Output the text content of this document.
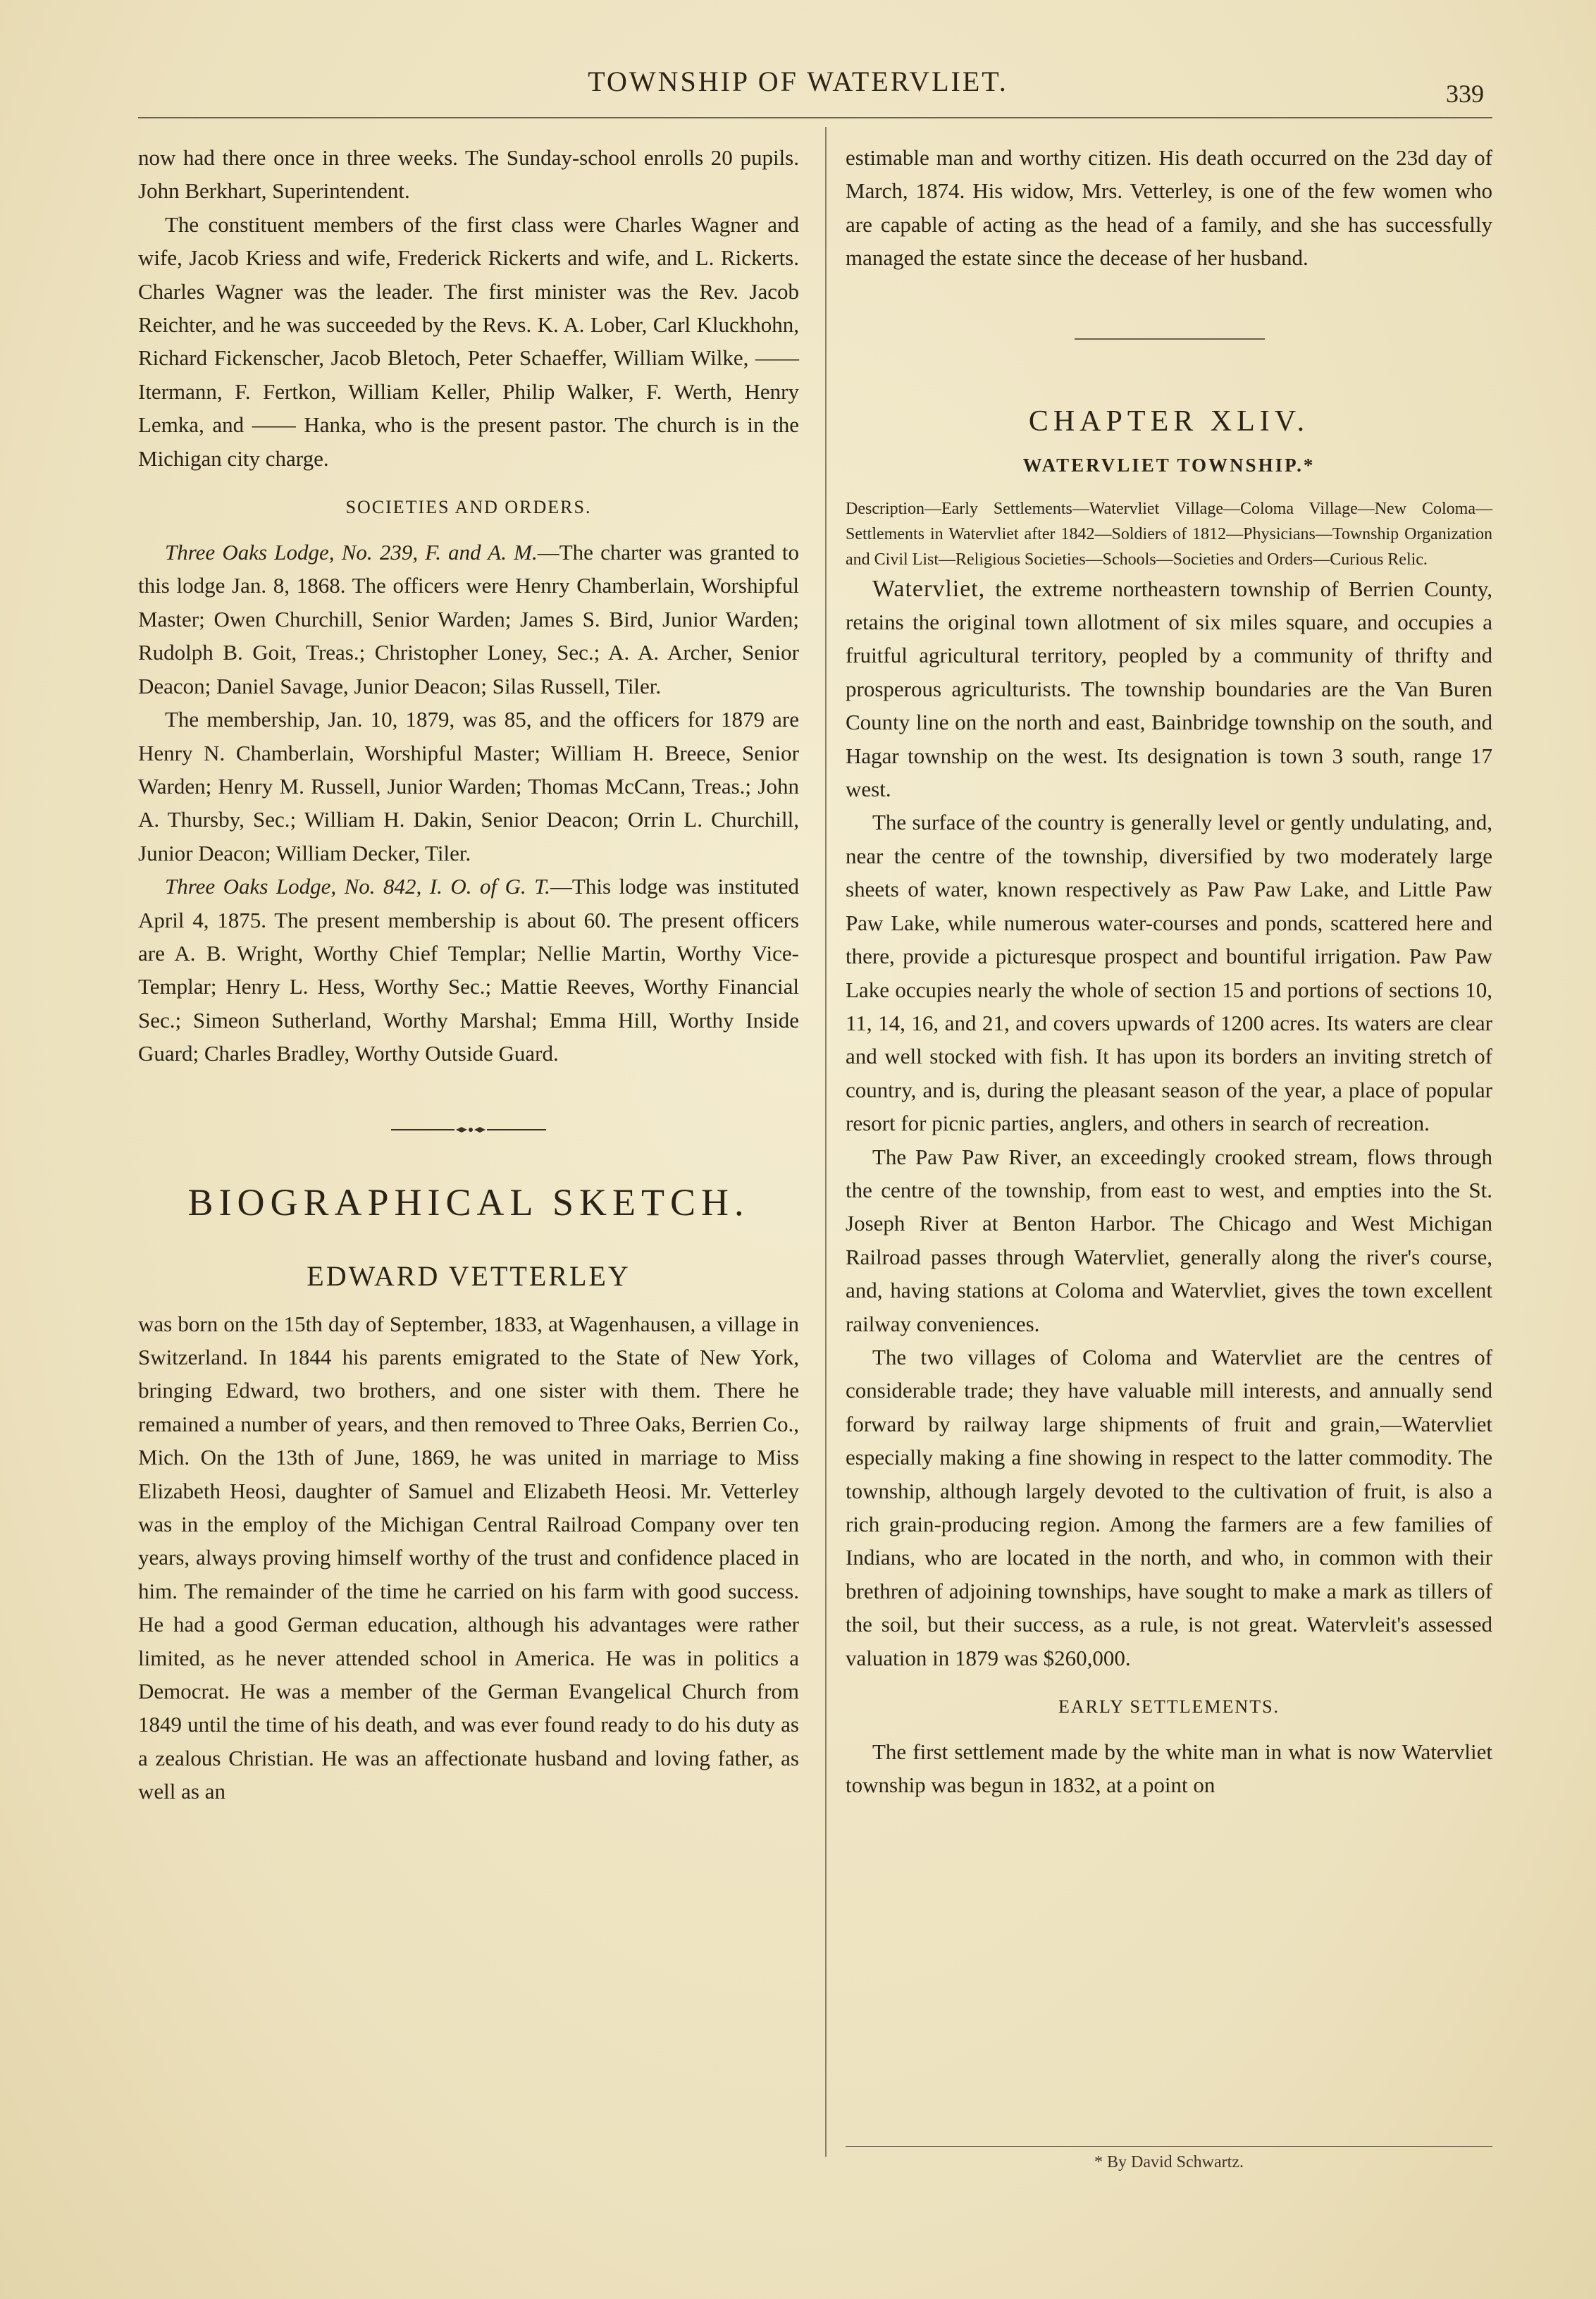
TOWNSHIP OF WATERVLIET.	339

now had there once in three weeks. The Sunday-school enrolls 20 pupils. John Berkhart, Superintendent.

The constituent members of the first class were Charles Wagner and wife, Jacob Kriess and wife, Frederick Rickerts and wife, and L. Rickerts. Charles Wagner was the leader. The first minister was the Rev. Jacob Reichter, and he was succeeded by the Revs. K. A. Lober, Carl Kluckhohn, Richard Fickenscher, Jacob Bletoch, Peter Schaeffer, William Wilke, —— Itermann, F. Fertkon, William Keller, Philip Walker, F. Werth, Henry Lemka, and —— Hanka, who is the present pastor. The church is in the Michigan city charge.

SOCIETIES AND ORDERS.

Three Oaks Lodge, No. 239, F. and A. M.—The charter was granted to this lodge Jan. 8, 1868. The officers were Henry Chamberlain, Worshipful Master; Owen Churchill, Senior Warden; James S. Bird, Junior Warden; Rudolph B. Goit, Treas.; Christopher Loney, Sec.; A. A. Archer, Senior Deacon; Daniel Savage, Junior Deacon; Silas Russell, Tiler.

The membership, Jan. 10, 1879, was 85, and the officers for 1879 are Henry N. Chamberlain, Worshipful Master; William H. Breece, Senior Warden; Henry M. Russell, Junior Warden; Thomas McCann, Treas.; John A. Thursby, Sec.; William H. Dakin, Senior Deacon; Orrin L. Churchill, Junior Deacon; William Decker, Tiler.

Three Oaks Lodge, No. 842, I. O. of G. T.—This lodge was instituted April 4, 1875. The present membership is about 60. The present officers are A. B. Wright, Worthy Chief Templar; Nellie Martin, Worthy Vice-Templar; Henry L. Hess, Worthy Sec.; Mattie Reeves, Worthy Financial Sec.; Simeon Sutherland, Worthy Marshal; Emma Hill, Worthy Inside Guard; Charles Bradley, Worthy Outside Guard.

BIOGRAPHICAL SKETCH.
EDWARD VETTERLEY

was born on the 15th day of September, 1833, at Wagenhausen, a village in Switzerland. In 1844 his parents emigrated to the State of New York, bringing Edward, two brothers, and one sister with them. There he remained a number of years, and then removed to Three Oaks, Berrien Co., Mich. On the 13th of June, 1869, he was united in marriage to Miss Elizabeth Heosi, daughter of Samuel and Elizabeth Heosi. Mr. Vetterley was in the employ of the Michigan Central Railroad Company over ten years, always proving himself worthy of the trust and confidence placed in him. The remainder of the time he carried on his farm with good success. He had a good German education, although his advantages were rather limited, as he never attended school in America. He was in politics a Democrat. He was a member of the German Evangelical Church from 1849 until the time of his death, and was ever found ready to do his duty as a zealous Christian. He was an affectionate husband and loving father, as well as an

estimable man and worthy citizen. His death occurred on the 23d day of March, 1874. His widow, Mrs. Vetterley, is one of the few women who are capable of acting as the head of a family, and she has successfully managed the estate since the decease of her husband.

CHAPTER XLIV.
WATERVLIET TOWNSHIP.*

Description—Early Settlements—Watervliet Village—Coloma Village—New Coloma—Settlements in Watervliet after 1842—Soldiers of 1812—Physicians—Township Organization and Civil List—Religious Societies—Schools—Societies and Orders—Curious Relic.

Watervliet, the extreme northeastern township of Berrien County, retains the original town allotment of six miles square, and occupies a fruitful agricultural territory, peopled by a community of thrifty and prosperous agriculturists. The township boundaries are the Van Buren County line on the north and east, Bainbridge township on the south, and Hagar township on the west. Its designation is town 3 south, range 17 west.

The surface of the country is generally level or gently undulating, and, near the centre of the township, diversified by two moderately large sheets of water, known respectively as Paw Paw Lake, and Little Paw Paw Lake, while numerous water-courses and ponds, scattered here and there, provide a picturesque prospect and bountiful irrigation. Paw Paw Lake occupies nearly the whole of section 15 and portions of sections 10, 11, 14, 16, and 21, and covers upwards of 1200 acres. Its waters are clear and well stocked with fish. It has upon its borders an inviting stretch of country, and is, during the pleasant season of the year, a place of popular resort for picnic parties, anglers, and others in search of recreation.

The Paw Paw River, an exceedingly crooked stream, flows through the centre of the township, from east to west, and empties into the St. Joseph River at Benton Harbor. The Chicago and West Michigan Railroad passes through Watervliet, generally along the river's course, and, having stations at Coloma and Watervliet, gives the town excellent railway conveniences.

The two villages of Coloma and Watervliet are the centres of considerable trade; they have valuable mill interests, and annually send forward by railway large shipments of fruit and grain,—Watervliet especially making a fine showing in respect to the latter commodity. The township, although largely devoted to the cultivation of fruit, is also a rich grain-producing region. Among the farmers are a few families of Indians, who are located in the north, and who, in common with their brethren of adjoining townships, have sought to make a mark as tillers of the soil, but their success, as a rule, is not great. Watervleit's assessed valuation in 1879 was $260,000.

EARLY SETTLEMENTS.

The first settlement made by the white man in what is now Watervliet township was begun in 1832, at a point on

* By David Schwartz.
